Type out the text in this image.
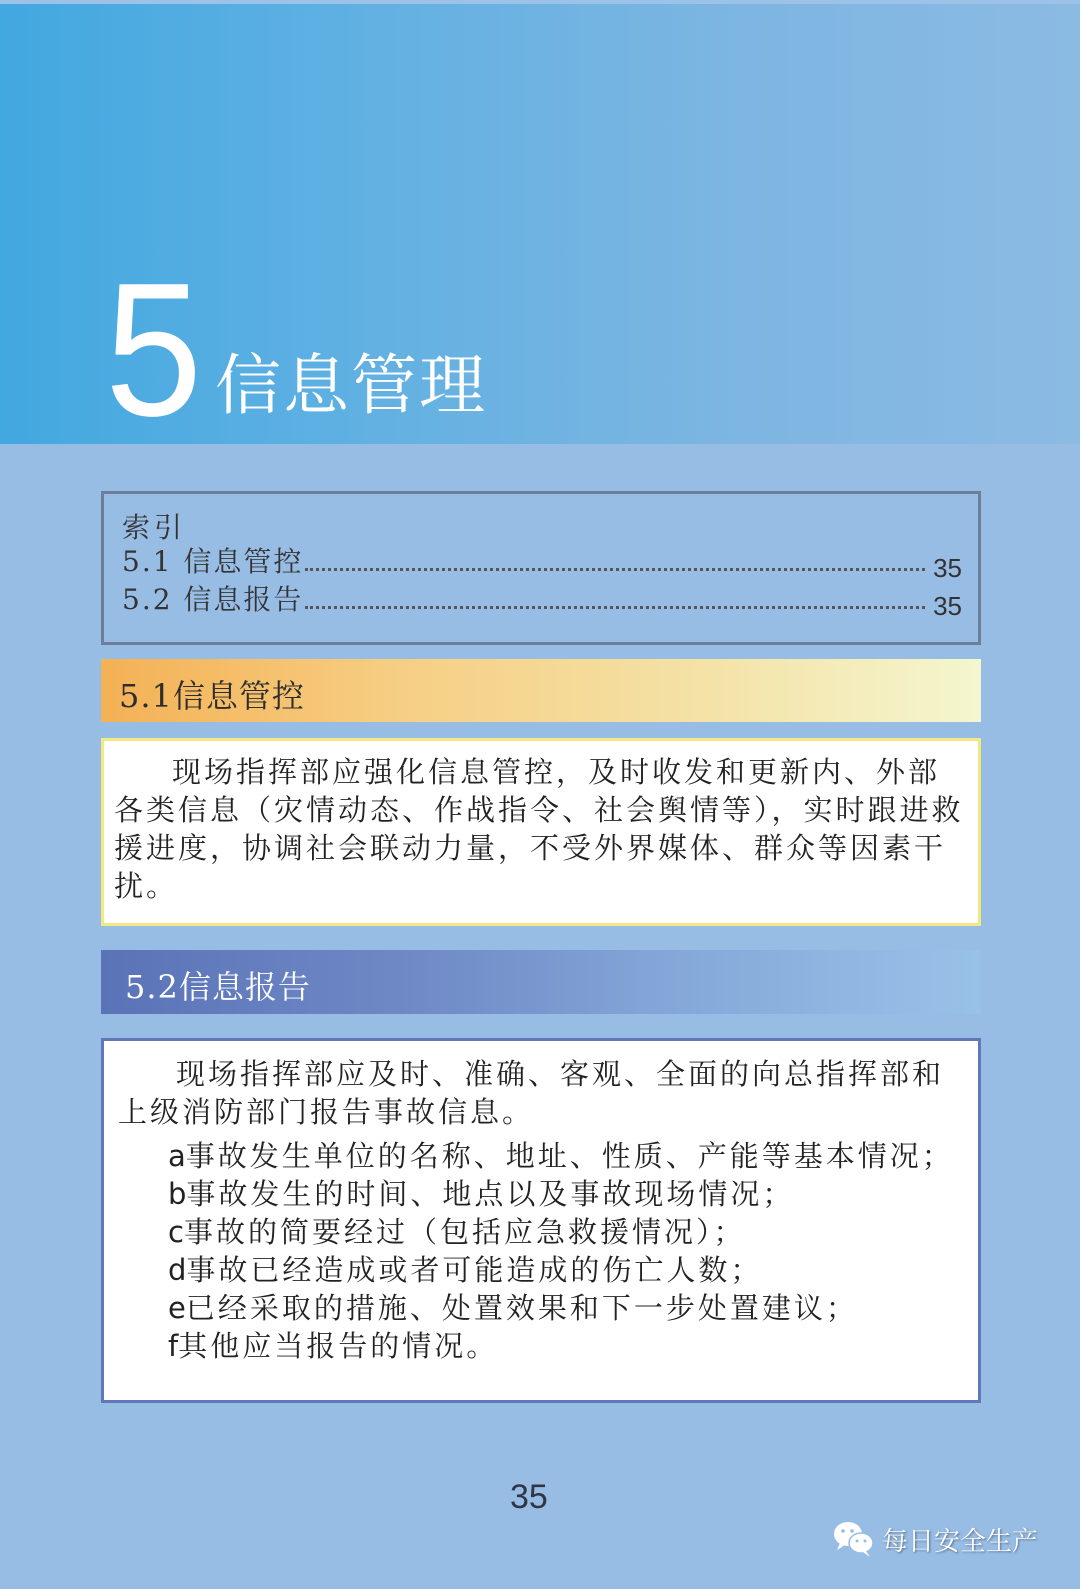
5 信息管理
索引
5.1 信息管控	35
5.2 信息报告	35
5.1信息管控
现场指挥部应强化信息管控，及时收发和更新内、外部各类信息（灾情动态、作战指令、社会舆情等），实时跟进救援进度，协调社会联动力量，不受外界媒体、群众等因素干扰。
5.2信息报告
现场指挥部应及时、准确、客观、全面的向总指挥部和上级消防部门报告事故信息。
a事故发生单位的名称、地址、性质、产能等基本情况；
b事故发生的时间、地点以及事故现场情况；
c事故的简要经过（包括应急救援情况）；
d事故已经造成或者可能造成的伤亡人数；
e已经采取的措施、处置效果和下一步处置建议；
f其他应当报告的情况。
35
每日安全生产
